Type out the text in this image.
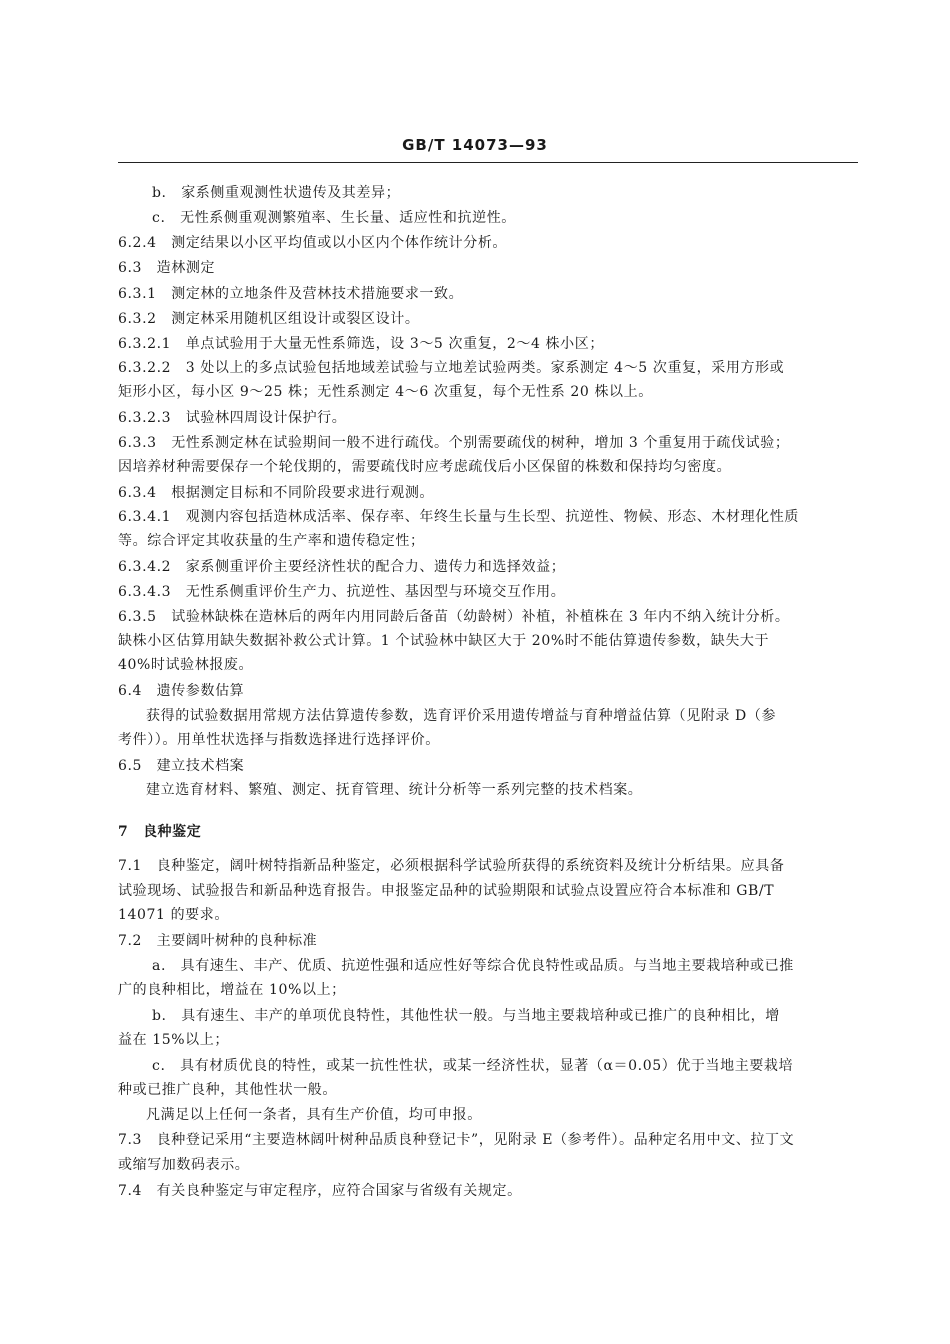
GB/T 14073—93
b.　家系侧重观测性状遗传及其差异；
c.　无性系侧重观测繁殖率、生长量、适应性和抗逆性。
6.2.4　测定结果以小区平均值或以小区内个体作统计分析。
6.3　造林测定
6.3.1　测定林的立地条件及营林技术措施要求一致。
6.3.2　测定林采用随机区组设计或裂区设计。
6.3.2.1　单点试验用于大量无性系筛选，设 3～5 次重复，2～4 株小区；
6.3.2.2　3 处以上的多点试验包括地域差试验与立地差试验两类。家系测定 4～5 次重复，采用方形或
矩形小区，每小区 9～25 株；无性系测定 4～6 次重复，每个无性系 20 株以上。
6.3.2.3　试验林四周设计保护行。
6.3.3　无性系测定林在试验期间一般不进行疏伐。个别需要疏伐的树种，增加 3 个重复用于疏伐试验；
因培养材种需要保存一个轮伐期的，需要疏伐时应考虑疏伐后小区保留的株数和保持均匀密度。
6.3.4　根据测定目标和不同阶段要求进行观测。
6.3.4.1　观测内容包括造林成活率、保存率、年终生长量与生长型、抗逆性、物候、形态、木材理化性质
等。综合评定其收获量的生产率和遗传稳定性；
6.3.4.2　家系侧重评价主要经济性状的配合力、遗传力和选择效益；
6.3.4.3　无性系侧重评价生产力、抗逆性、基因型与环境交互作用。
6.3.5　试验林缺株在造林后的两年内用同龄后备苗（幼龄树）补植，补植株在 3 年内不纳入统计分析。
缺株小区估算用缺失数据补救公式计算。1 个试验林中缺区大于 20%时不能估算遗传参数，缺失大于
40%时试验林报废。
6.4　遗传参数估算
获得的试验数据用常规方法估算遗传参数，选育评价采用遗传增益与育种增益估算（见附录 D（参
考件））。用单性状选择与指数选择进行选择评价。
6.5　建立技术档案
建立选育材料、繁殖、测定、抚育管理、统计分析等一系列完整的技术档案。
7　良种鉴定
7.1　良种鉴定，阔叶树特指新品种鉴定，必须根据科学试验所获得的系统资料及统计分析结果。应具备
试验现场、试验报告和新品种选育报告。申报鉴定品种的试验期限和试验点设置应符合本标准和 GB/T
14071 的要求。
7.2　主要阔叶树种的良种标准
a.　具有速生、丰产、优质、抗逆性强和适应性好等综合优良特性或品质。与当地主要栽培种或已推
广的良种相比，增益在 10%以上；
b.　具有速生、丰产的单项优良特性，其他性状一般。与当地主要栽培种或已推广的良种相比，增
益在 15%以上；
c.　具有材质优良的特性，或某一抗性性状，或某一经济性状，显著（α＝0.05）优于当地主要栽培
种或已推广良种，其他性状一般。
凡满足以上任何一条者，具有生产价值，均可申报。
7.3　良种登记采用“主要造林阔叶树种品质良种登记卡”，见附录 E（参考件）。品种定名用中文、拉丁文
或缩写加数码表示。
7.4　有关良种鉴定与审定程序，应符合国家与省级有关规定。
